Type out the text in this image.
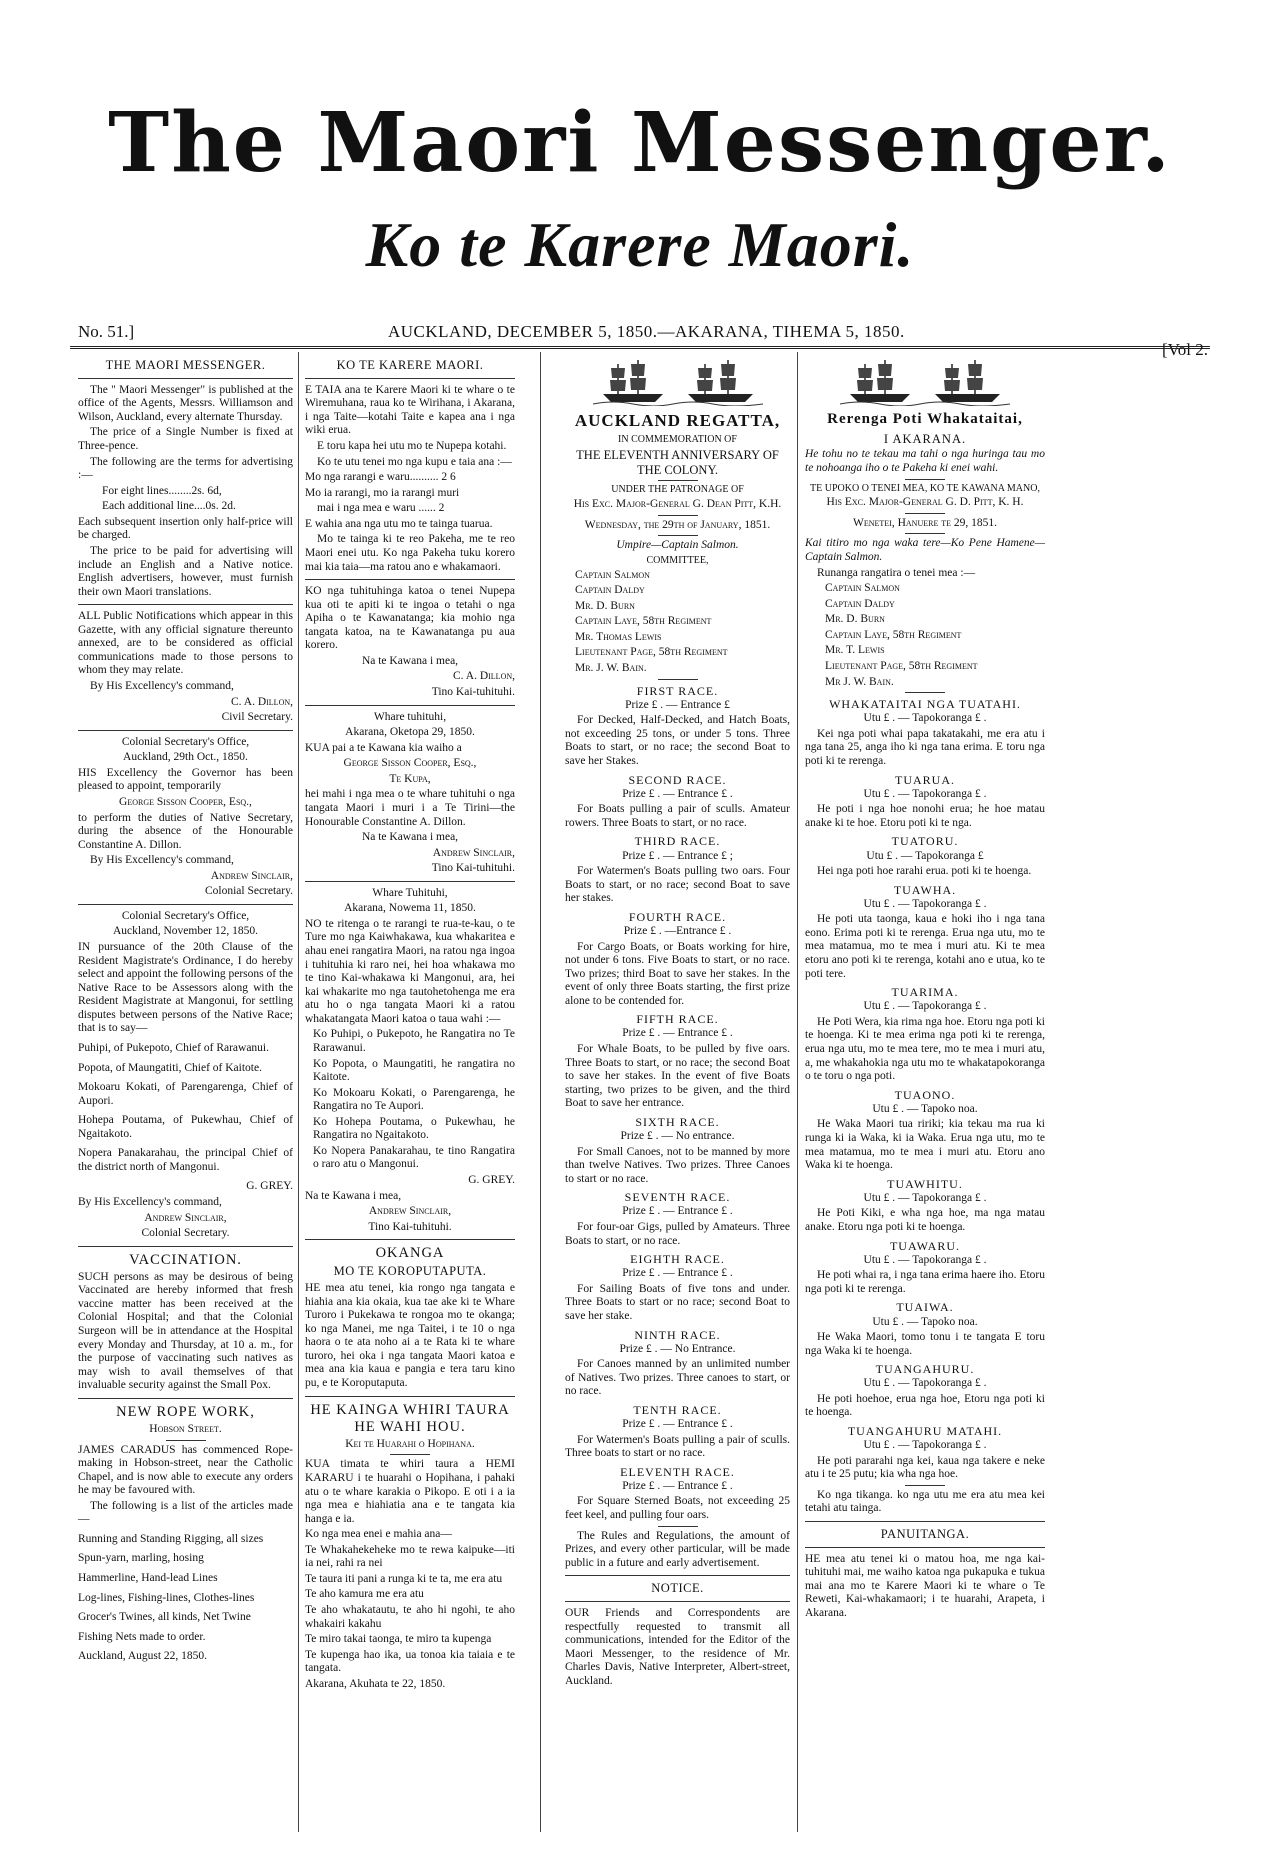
The Maori Messenger.
Ko te Karere Maori.
No. 51.]	AUCKLAND, DECEMBER 5, 1850.—AKARANA, TIHEMA 5, 1850.
[Vol 2.
THE MAORI MESSENGER.

The " Maori Messenger" is published at the office of the Agents, Messrs. Williamson and Wilson, Auckland, every alternate Thursday.

The price of a Single Number is fixed at Three-pence.

The following are the terms for advertising :—

For eight lines........2s. 6d,

Each additional line....0s. 2d.

Each subsequent insertion only half-price will be charged.

The price to be paid for advertising will include an English and a Native notice. English advertisers, however, must furnish their own Maori translations.

ALL Public Notifications which appear in this Gazette, with any official signature thereunto annexed, are to be considered as official communications made to those persons to whom they may relate.

By His Excellency's command,

C. A. Dillon,

Civil Secretary.

Colonial Secretary's Office,

Auckland, 29th Oct., 1850.

HIS Excellency the Governor has been pleased to appoint, temporarily

George Sisson Cooper, Esq.,

to perform the duties of Native Secretary, during the absence of the Honourable Constantine A. Dillon.

By His Excellency's command,

Andrew Sinclair,

Colonial Secretary.

Colonial Secretary's Office,

Auckland, November 12, 1850.

IN pursuance of the 20th Clause of the Resident Magistrate's Ordinance, I do hereby select and appoint the following persons of the Native Race to be Assessors along with the Resident Magistrate at Mangonui, for settling disputes between persons of the Native Race; that is to say—

Puhipi, of Pukepoto, Chief of Rarawanui.

Popota, of Maungatiti, Chief of Kaitote.

Mokoaru Kokati, of Parengarenga, Chief of Aupori.

Hohepa Poutama, of Pukewhau, Chief of Ngaitakoto.

Nopera Panakarahau, the principal Chief of the district north of Mangonui.

G. GREY.

By His Excellency's command,

Andrew Sinclair,

Colonial Secretary.

VACCINATION.

SUCH persons as may be desirous of being Vaccinated are hereby informed that fresh vaccine matter has been received at the Colonial Hospital; and that the Colonial Surgeon will be in attendance at the Hospital every Monday and Thursday, at 10 a. m., for the purpose of vaccinating such natives as may wish to avail themselves of that invaluable security against the Small Pox.

NEW ROPE WORK,

Hobson Street.

JAMES CARADUS has commenced Rope-making in Hobson-street, near the Catholic Chapel, and is now able to execute any orders he may be favoured with.

The following is a list of the articles made—

Running and Standing Rigging, all sizes

Spun-yarn, marling, hosing

Hammerline, Hand-lead Lines

Log-lines, Fishing-lines, Clothes-lines

Grocer's Twines, all kinds, Net Twine

Fishing Nets made to order.

Auckland, August 22, 1850.

KO TE KARERE MAORI.

E TAIA ana te Karere Maori ki te whare o te Wiremuhana, raua ko te Wirihana, i Akarana, i nga Taite—kotahi Taite e kapea ana i nga wiki erua.

E toru kapa hei utu mo te Nupepa kotahi.

Ko te utu tenei mo nga kupu e taia ana :—

Mo nga rarangi e waru.......... 2 6

Mo ia rarangi, mo ia rarangi muri

mai i nga mea e waru ...... 2

E wahia ana nga utu mo te tainga tuarua.

Mo te tainga ki te reo Pakeha, me te reo Maori enei utu. Ko nga Pakeha tuku korero mai kia taia—ma ratou ano e whakamaori.

KO nga tuhituhinga katoa o tenei Nupepa kua oti te apiti ki te ingoa o tetahi o nga Apiha o te Kawanatanga; kia mohio nga tangata katoa, na te Kawanatanga pu aua korero.

Na te Kawana i mea,

C. A. Dillon,

Tino Kai-tuhituhi.

Whare tuhituhi,

Akarana, Oketopa 29, 1850.

KUA pai a te Kawana kia waiho a

George Sisson Cooper, Esq.,

Te Kupa,

hei mahi i nga mea o te whare tuhituhi o nga tangata Maori i muri i a Te Tirini—the Honourable Constantine A. Dillon.

Na te Kawana i mea,

Andrew Sinclair,

Tino Kai-tuhituhi.

Whare Tuhituhi,

Akarana, Nowema 11, 1850.

NO te ritenga o te rarangi te rua-te-kau, o te Ture mo nga Kaiwhakawa, kua whakaritea e ahau enei rangatira Maori, na ratou nga ingoa i tuhituhia ki raro nei, hei hoa whakawa mo te tino Kai-whakawa ki Mangonui, ara, hei kai whakarite mo nga tautohetohenga me era atu ho o nga tangata Maori ki a ratou whakatangata Maori katoa o taua wahi :—

Ko Puhipi, o Pukepoto, he Rangatira no Te Rarawanui.

Ko Popota, o Maungatiti, he rangatira no Kaitote.

Ko Mokoaru Kokati, o Parengarenga, he Rangatira no Te Aupori.

Ko Hohepa Poutama, o Pukewhau, he Rangatira no Ngaitakoto.

Ko Nopera Panakarahau, te tino Rangatira o raro atu o Mangonui.

G. GREY.

Na te Kawana i mea,

Andrew Sinclair,

Tino Kai-tuhituhi.

OKANGA
MO TE KOROPUTAPUTA.

HE mea atu tenei, kia rongo nga tangata e hiahia ana kia okaia, kua tae ake ki te Whare Turoro i Pukekawa te rongoa mo te okanga; ko nga Manei, me nga Taitei, i te 10 o nga haora o te ata noho ai a te Rata ki te whare turoro, hei oka i nga tangata Maori katoa e mea ana kia kaua e pangia e tera taru kino pu, e te Koroputaputa.

HE KAINGA WHIRI TAURA HE WAHI HOU.

Kei te Huarahi o Hopihana.

KUA timata te whiri taura a HEMI KARARU i te huarahi o Hopihana, i pahaki atu o te whare karakia o Pikopo. E oti i a ia nga mea e hiahiatia ana e te tangata kia hanga e ia.

Ko nga mea enei e mahia ana—

Te Whakahekeheke mo te rewa kaipuke—iti ia nei, rahi ra nei

Te taura iti pani a runga ki te ta, me era atu

Te aho kamura me era atu

Te aho whakatautu, te aho hi ngohi, te aho whakairi kakahu

Te miro takai taonga, te miro ta kupenga

Te kupenga hao ika, ua tonoa kia taiaia e te tangata.

Akarana, Akuhata te 22, 1850.

AUCKLAND REGATTA,

IN COMMEMORATION OF

THE ELEVENTH ANNIVERSARY OF THE COLONY.

UNDER THE PATRONAGE OF

His Exc. Major-General G. Dean Pitt, K.H.

Wednesday, the 29th of January, 1851.

Umpire—Captain Salmon.

COMMITTEE,

Captain Salmon

Captain Daldy

Mr. D. Burn

Captain Laye, 58th Regiment

Mr. Thomas Lewis

Lieutenant Page, 58th Regiment

Mr. J. W. Bain.

FIRST RACE.

Prize £ . — Entrance £

For Decked, Half-Decked, and Hatch Boats, not exceeding 25 tons, or under 5 tons. Three Boats to start, or no race; the second Boat to save her Stakes.

SECOND RACE.

Prize £ . — Entrance £ .

For Boats pulling a pair of sculls. Amateur rowers. Three Boats to start, or no race.

THIRD RACE.

Prize £ . — Entrance £ ;

For Watermen's Boats pulling two oars. Four Boats to start, or no race; second Boat to save her stakes.

FOURTH RACE.

Prize £ . —Entrance £ .

For Cargo Boats, or Boats working for hire, not under 6 tons. Five Boats to start, or no race. Two prizes; third Boat to save her stakes. In the event of only three Boats starting, the first prize alone to be contended for.

FIFTH RACE.

Prize £ . — Entrance £ .

For Whale Boats, to be pulled by five oars. Three Boats to start, or no race; the second Boat to save her stakes. In the event of five Boats starting, two prizes to be given, and the third Boat to save her entrance.

SIXTH RACE.

Prize £ . — No entrance.

For Small Canoes, not to be manned by more than twelve Natives. Two prizes. Three Canoes to start or no race.

SEVENTH RACE.

Prize £ . — Entrance £ .

For four-oar Gigs, pulled by Amateurs. Three Boats to start, or no race.

EIGHTH RACE.

Prize £ . — Entrance £ .

For Sailing Boats of five tons and under. Three Boats to start or no race; second Boat to save her stake.

NINTH RACE.

Prize £ . — No Entrance.

For Canoes manned by an unlimited number of Natives. Two prizes. Three canoes to start, or no race.

TENTH RACE.

Prize £ . — Entrance £ .

For Watermen's Boats pulling a pair of sculls. Three boats to start or no race.

ELEVENTH RACE.

Prize £ . — Entrance £ .

For Square Sterned Boats, not exceeding 25 feet keel, and pulling four oars.

The Rules and Regulations, the amount of Prizes, and every other particular, will be made public in a future and early advertisement.

NOTICE.

OUR Friends and Correspondents are respectfully requested to transmit all communications, intended for the Editor of the Maori Messenger, to the residence of Mr. Charles Davis, Native Interpreter, Albert-street, Auckland.

Rerenga Poti Whakataitai,

I AKARANA.

He tohu no te tekau ma tahi o nga huringa tau mo te nohoanga iho o te Pakeha ki enei wahi.

TE UPOKO O TENEI MEA, KO TE KAWANA MANO,

His Exc. Major-General G. D. Pitt, K. H.

Wenetei, Hanuere te 29, 1851.

Kai titiro mo nga waka tere—Ko Pene Hamene—Captain Salmon.

Runanga rangatira o tenei mea :—

Captain Salmon

Captain Daldy

Mr. D. Burn

Captain Laye, 58th Regiment

Mr. T. Lewis

Lieutenant Page, 58th Regiment

Mr J. W. Bain.

WHAKATAITAI NGA TUATAHI.

Utu £ . — Tapokoranga £ .

Kei nga poti whai papa takatakahi, me era atu i nga tana 25, anga iho ki nga tana erima. E toru nga poti ki te rerenga.

TUARUA.

Utu £ . — Tapokoranga £ .

He poti i nga hoe nonohi erua; he hoe matau anake ki te hoe. Etoru poti ki te nga.

TUATORU.

Utu £ . — Tapokoranga £

Hei nga poti hoe rarahi erua. poti ki te hoenga.

TUAWHA.

Utu £ . — Tapokoranga £ .

He poti uta taonga, kaua e hoki iho i nga tana eono. Erima poti ki te rerenga. Erua nga utu, mo te mea matamua, mo te mea i muri atu. Ki te mea etoru ano poti ki te rerenga, kotahi ano e utua, ko te poti tere.

TUARIMA.

Utu £ . — Tapokoranga £ .

He Poti Wera, kia rima nga hoe. Etoru nga poti ki te hoenga. Ki te mea erima nga poti ki te rerenga, erua nga utu, mo te mea tere, mo te mea i muri atu, a, me whakahokia nga utu mo te whakatapokoranga o te toru o nga poti.

TUAONO.

Utu £ . — Tapoko noa.

He Waka Maori tua ririki; kia tekau ma rua ki runga ki ia Waka, ki ia Waka. Erua nga utu, mo te mea matamua, mo te mea i muri atu. Etoru ano Waka ki te hoenga.

TUAWHITU.

Utu £ . — Tapokoranga £ .

He Poti Kiki, e wha nga hoe, ma nga matau anake. Etoru nga poti ki te hoenga.

TUAWARU.

Utu £ . — Tapokoranga £ .

He poti whai ra, i nga tana erima haere iho. Etoru nga poti ki te rerenga.

TUAIWA.

Utu £ . — Tapoko noa.

He Waka Maori, tomo tonu i te tangata E toru nga Waka ki te hoenga.

TUANGAHURU.

Utu £ . — Tapokoranga £ .

He poti hoehoe, erua nga hoe, Etoru nga poti ki te hoenga.

TUANGAHURU MATAHI.

Utu £ . — Tapokoranga £ .

He poti pararahi nga kei, kaua nga takere e neke atu i te 25 putu; kia wha nga hoe.

Ko nga tikanga. ko nga utu me era atu mea kei tetahi atu tainga.

PANUITANGA.

HE mea atu tenei ki o matou hoa, me nga kai-tuhituhi mai, me waiho katoa nga pukapuka e tukua mai ana mo te Karere Maori ki te whare o Te Reweti, Kai-whakamaori; i te huarahi, Arapeta, i Akarana.
